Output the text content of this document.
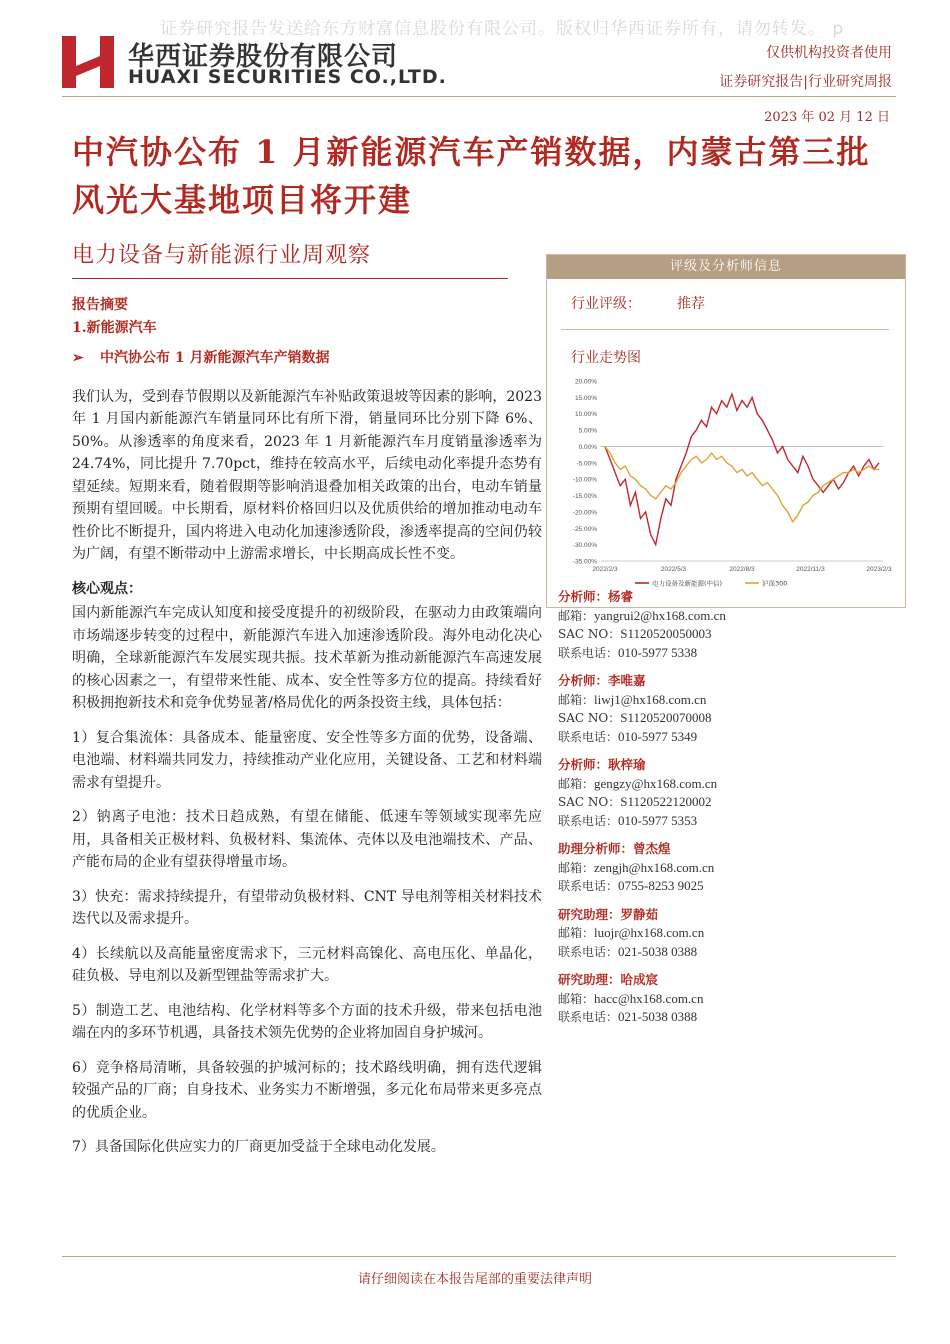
证券研究报告发送给东方财富信息股份有限公司。版权归华西证券所有，请勿转发。 p
华西证券股份有限公司
HUAXI SECURITIES CO.,LTD.
仅供机构投资者使用
证券研究报告|行业研究周报
2023 年 02 月 12 日
中汽协公布 1 月新能源汽车产销数据，内蒙古第三批风光大基地项目将开建
电力设备与新能源行业周观察
报告摘要
1.新能源汽车
➢ 中汽协公布 1 月新能源汽车产销数据

我们认为，受到春节假期以及新能源汽车补贴政策退坡等因素的影响，2023 年 1 月国内新能源汽车销量同环比有所下滑，销量同环比分别下降 6%、50%。从渗透率的角度来看，2023 年 1 月新能源汽车月度销量渗透率为 24.74%，同比提升 7.70pct，维持在较高水平，后续电动化率提升态势有望延续。短期来看，随着假期等影响消退叠加相关政策的出台，电动车销量预期有望回暖。中长期看，原材料价格回归以及优质供给的增加推动电动车性价比不断提升，国内将进入电动化加速渗透阶段，渗透率提高的空间仍较为广阔，有望不断带动中上游需求增长，中长期高成长性不变。

核心观点：

国内新能源汽车完成认知度和接受度提升的初级阶段，在驱动力由政策端向市场端逐步转变的过程中，新能源汽车进入加速渗透阶段。海外电动化决心明确，全球新能源汽车发展实现共振。技术革新为推动新能源汽车高速发展的核心因素之一，有望带来性能、成本、安全性等多方位的提高。持续看好积极拥抱新技术和竞争优势显著/格局优化的两条投资主线，具体包括：

1）复合集流体：具备成本、能量密度、安全性等多方面的优势，设备端、电池端、材料端共同发力，持续推动产业化应用，关键设备、工艺和材料端需求有望提升。

2）钠离子电池：技术日趋成熟，有望在储能、低速车等领域实现率先应用，具备相关正极材料、负极材料、集流体、壳体以及电池端技术、产品、产能布局的企业有望获得增量市场。

3）快充：需求持续提升，有望带动负极材料、CNT 导电剂等相关材料技术迭代以及需求提升。

4）长续航以及高能量密度需求下，三元材料高镍化、高电压化、单晶化，硅负极、导电剂以及新型锂盐等需求扩大。

5）制造工艺、电池结构、化学材料等多个方面的技术升级，带来包括电池端在内的多环节机遇，具备技术领先优势的企业将加固自身护城河。

6）竞争格局清晰，具备较强的护城河标的；技术路线明确，拥有迭代逻辑较强产品的厂商；自身技术、业务实力不断增强，多元化布局带来更多亮点的优质企业。

7）具备国际化供应实力的厂商更加受益于全球电动化发展。

评级及分析师信息
行业评级：	推荐
行业走势图
20.00%
15.00%
10.00%
5.00%
0.00%
-5.00%
-10.00%
-15.00%
-20.00%
-25.00%
-30.00%
-35.00%
2022/2/3	2022/5/3	2022/8/3	2022/11/3	2023/2/3
电力设备及新能源(中信)	沪深300
分析师：杨睿
邮箱：yangrui2@hx168.com.cn
SAC NO：S1120520050003
联系电话：010-5977 5338
分析师：李唯嘉
邮箱：liwj1@hx168.com.cn
SAC NO：S1120520070008
联系电话：010-5977 5349
分析师：耿梓瑜
邮箱：gengzy@hx168.com.cn
SAC NO：S1120522120002
联系电话：010-5977 5353
助理分析师：曾杰煌
邮箱：zengjh@hx168.com.cn
联系电话：0755-8253 9025
研究助理：罗静茹
邮箱：luojr@hx168.com.cn
联系电话：021-5038 0388
研究助理：哈成宸
邮箱：hacc@hx168.com.cn
联系电话：021-5038 0388
请仔细阅读在本报告尾部的重要法律声明
